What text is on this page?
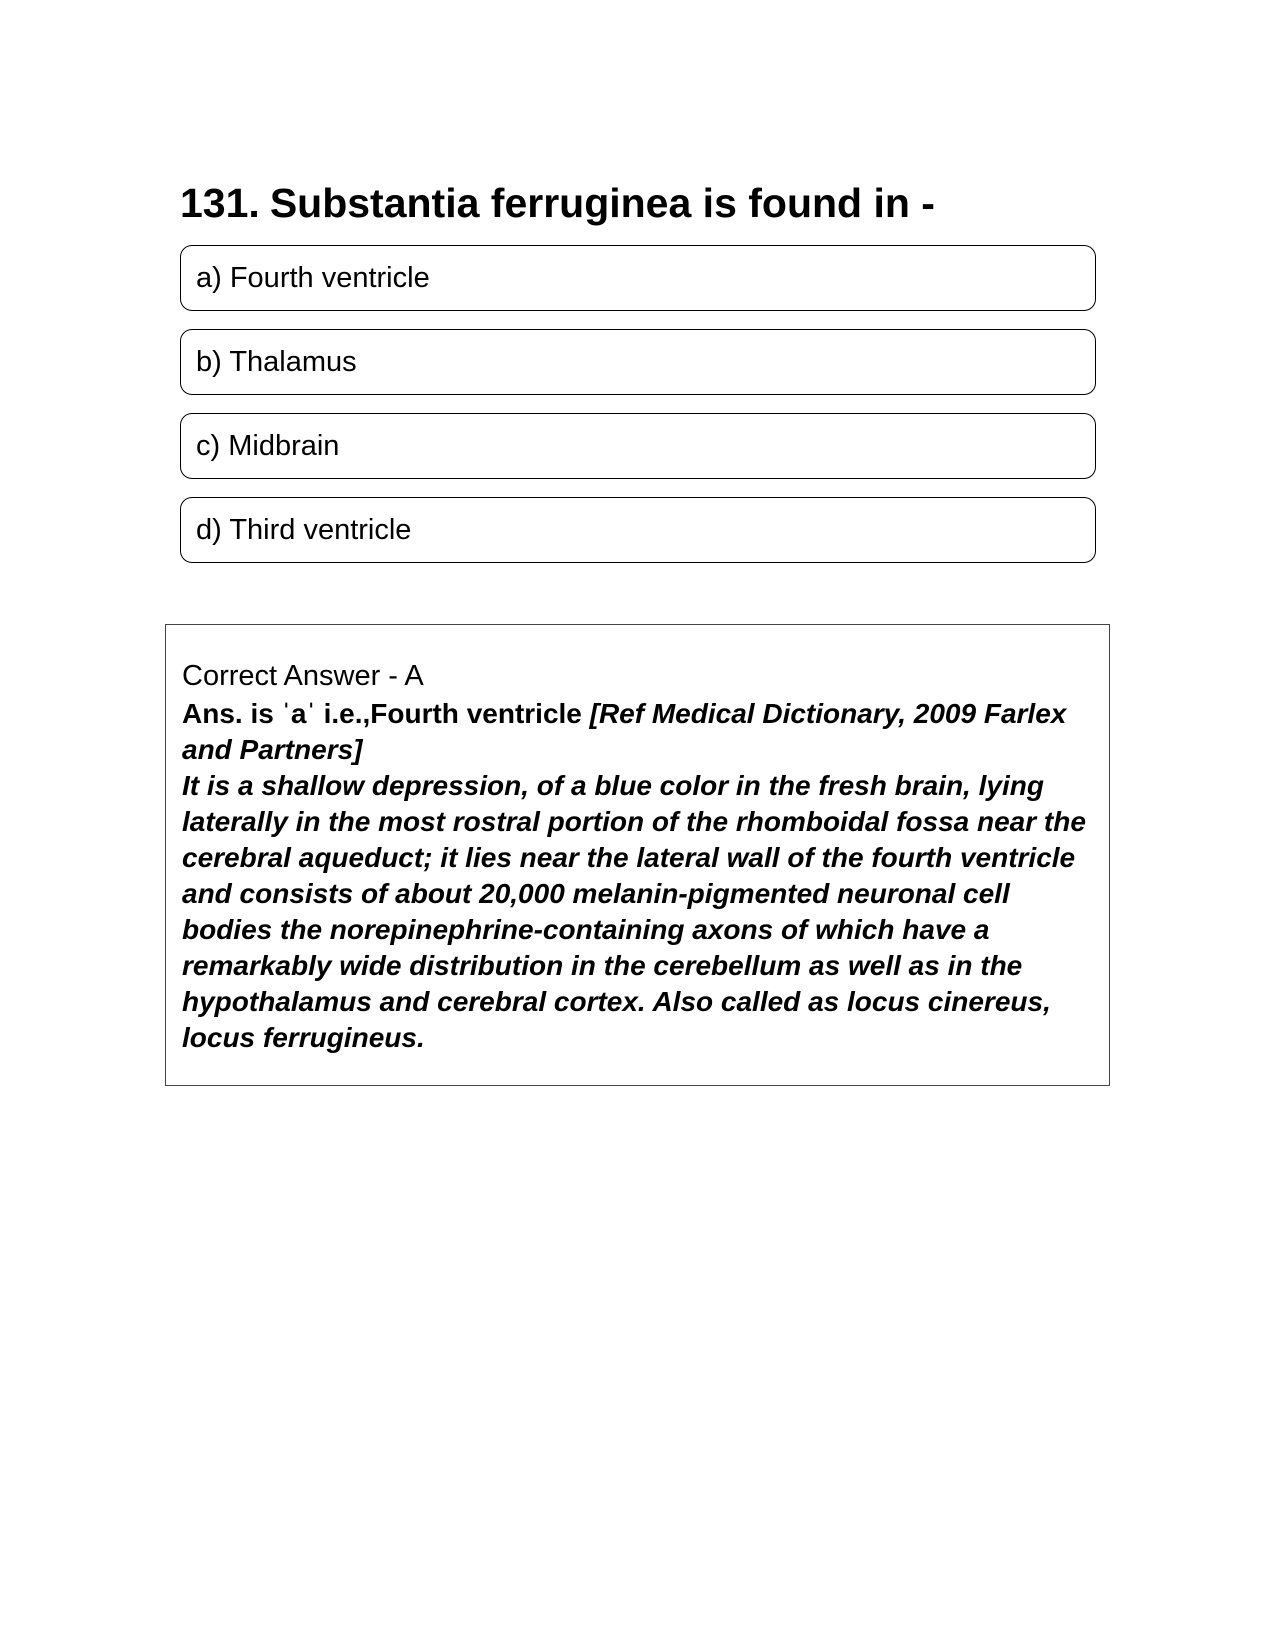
131. Substantia ferruginea is found in -
a) Fourth ventricle
b) Thalamus
c) Midbrain
d) Third ventricle
Correct Answer - A
Ans. is ˈaˈ i.e.,Fourth ventricle [Ref Medical Dictionary, 2009 Farlex and Partners]
It is a shallow depression, of a blue color in the fresh brain, lying laterally in the most rostral portion of the rhomboidal fossa near the cerebral aqueduct; it lies near the lateral wall of the fourth ventricle and consists of about 20,000 melanin-pigmented neuronal cell bodies the norepinephrine-containing axons of which have a remarkably wide distribution in the cerebellum as well as in the hypothalamus and cerebral cortex. Also called as locus cinereus, locus ferrugineus.
